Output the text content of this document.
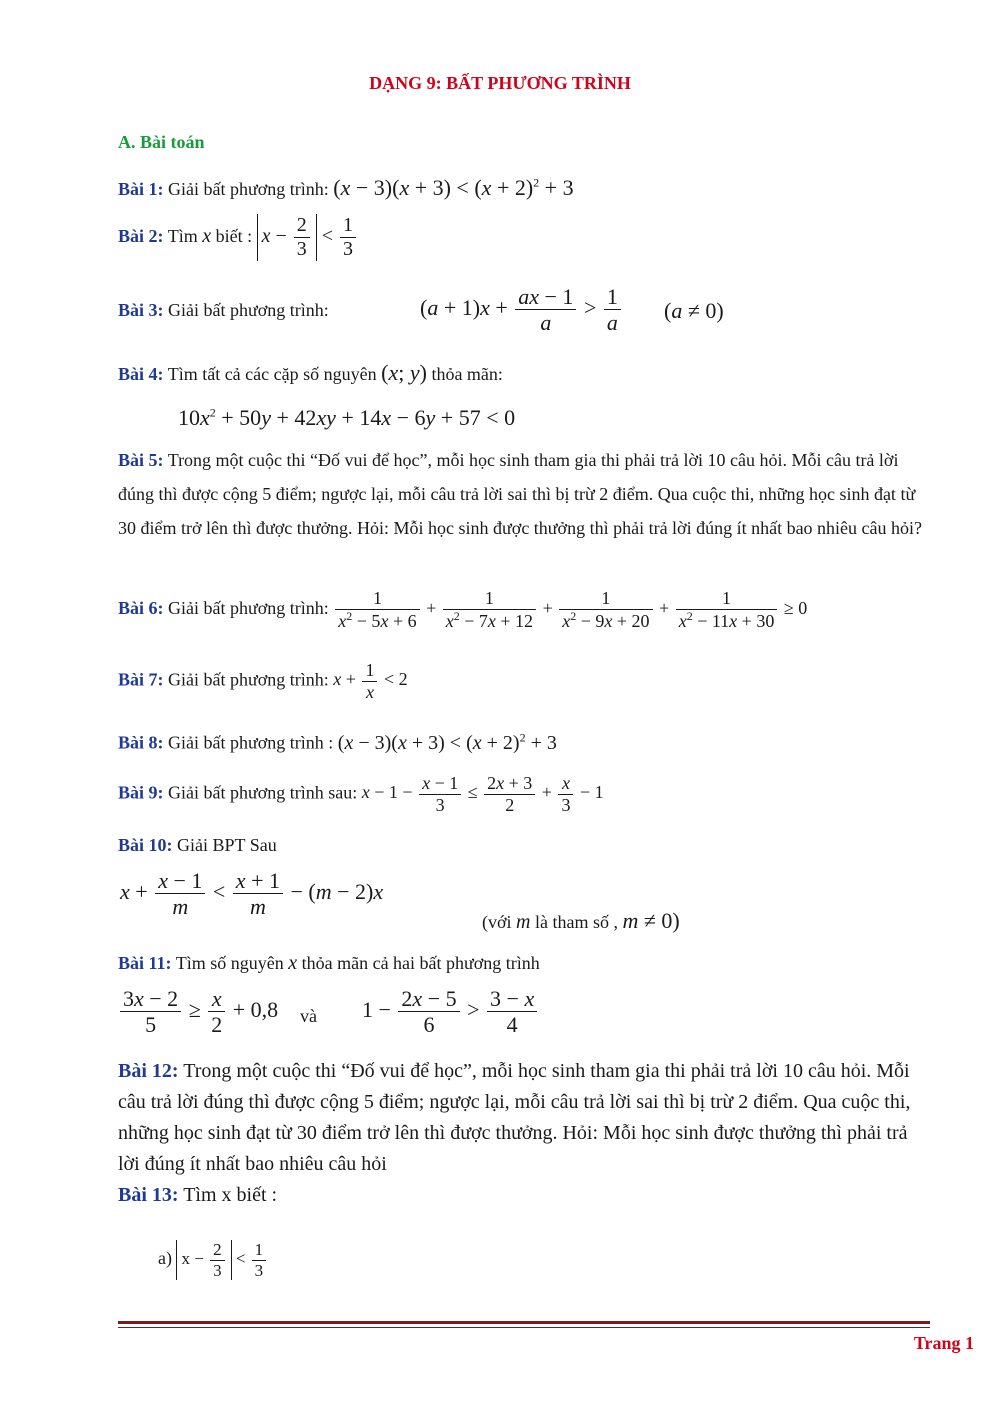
DẠNG 9: BẤT PHƯƠNG TRÌNH
A. Bài toán
Bài 1: Giải bất phương trình: $(x - 3)(x + 3) < (x + 2)^2 + 3$
Bài 2: Tìm x biết : $x - \frac{2}{3} < \frac{1}{3}$
Bài 3: Giải bất phương trình:	$(a + 1)x + \frac{ax - 1}{a} > \frac{1}{a} (a \ne 0)$
Bài 4: Tìm tất cả các cặp số nguyên (x; y) thỏa mãn:
$10x^2 + 50y + 42xy + 14x - 6y + 57 < 0$
Bài 5: Trong một cuộc thi “Đố vui để học”, mỗi học sinh tham gia thi phải trả lời 10 câu hỏi. Mỗi câu trả lời đúng thì được cộng 5 điểm; ngược lại, mỗi câu trả lời sai thì bị trừ 2 điểm. Qua cuộc thi, những học sinh đạt từ 30 điểm trở lên thì được thưởng. Hỏi: Mỗi học sinh được thưởng thì phải trả lời đúng ít nhất bao nhiêu câu hỏi?
Bài 6: Giải bất phương trình: $\frac{1}{x^2 - 5x + 6} + \frac{1}{x^2 - 7x + 12} + \frac{1}{x^2 - 9x + 20} + \frac{1}{x^2 - 11x + 30} \ge 0$
Bài 7: Giải bất phương trình: $x + \frac{1}{x} < 2$
Bài 8: Giải bất phương trình : $(x - 3)(x + 3) < (x + 2)^2 + 3$
Bài 9: Giải bất phương trình sau: $x - 1 - \frac{x - 1}{3} \le \frac{2x + 3}{2} + \frac{x}{3} - 1$
Bài 10: Giải BPT Sau
$x + \frac{x - 1}{m} < \frac{x + 1}{m} - (m - 2)x$
(với m là tham số , m ≠ 0)
Bài 11: Tìm số nguyên x thỏa mãn cả hai bất phương trình
$\frac{3x - 2}{5} \ge \frac{x}{2} + 0,8$ và $1 - \frac{2x - 5}{6} > \frac{3 - x}{4}$
Bài 12: Trong một cuộc thi “Đố vui để học”, mỗi học sinh tham gia thi phải trả lời 10 câu hỏi. Mỗi câu trả lời đúng thì được cộng 5 điểm; ngược lại, mỗi câu trả lời sai thì bị trừ 2 điểm. Qua cuộc thi, những học sinh đạt từ 30 điểm trở lên thì được thưởng. Hỏi: Mỗi học sinh được thưởng thì phải trả lời đúng ít nhất bao nhiêu câu hỏi
Bài 13: Tìm x biết :
a) $x - \frac{2}{3} < \frac{1}{3}$
Trang 1
